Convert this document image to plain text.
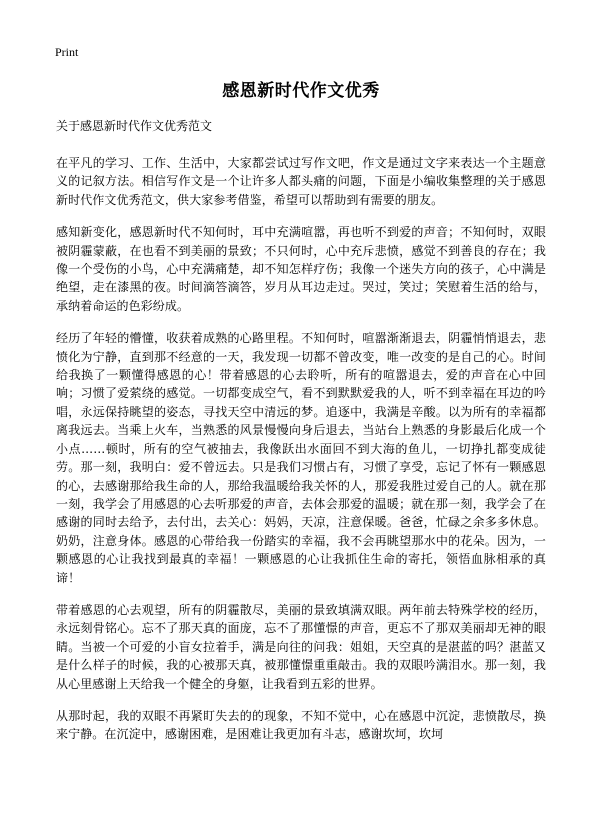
Print
感恩新时代作文优秀
关于感恩新时代作文优秀范文

在平凡的学习、工作、生活中，大家都尝试过写作文吧，作文是通过文字来表达一个主题意义的记叙方法。相信写作文是一个让许多人都头痛的问题，下面是小编收集整理的关于感恩新时代作文优秀范文，供大家参考借鉴，希望可以帮助到有需要的朋友。

感知新变化，感恩新时代不知何时，耳中充满喧嚣，再也听不到爱的声音；不知何时，双眼被阴霾蒙蔽，在也看不到美丽的景致；不只何时，心中充斥悲愤，感觉不到善良的存在；我像一个受伤的小鸟，心中充满痛楚，却不知怎样疗伤；我像一个迷失方向的孩子，心中满是绝望，走在漆黑的夜。时间滴答滴答，岁月从耳边走过。哭过，笑过；笑慰着生活的给与，承纳着命运的色彩纷成。

经历了年轻的懵懂，收获着成熟的心路里程。不知何时，喧嚣渐渐退去，阴霾悄悄退去，悲愤化为宁静，直到那不经意的一天，我发现一切都不曾改变，唯一改变的是自己的心。时间给我换了一颗懂得感恩的心！带着感恩的心去聆听，所有的喧嚣退去，爱的声音在心中回响；习惯了爱萦绕的感觉。一切都变成空气，看不到默默爱我的人，听不到幸福在耳边的吟唱，永远保持眺望的姿态，寻找天空中清远的梦。追逐中，我满是辛酸。以为所有的幸福都离我远去。当乘上火车，当熟悉的风景慢慢向身后退去，当站台上熟悉的身影最后化成一个小点……顿时，所有的空气被抽去，我像跃出水面回不到大海的鱼儿，一切挣扎都变成徒劳。那一刻，我明白：爱不曾远去。只是我们习惯占有，习惯了享受，忘记了怀有一颗感恩的心，去感谢那给我生命的人，那给我温暖给我关怀的人，那爱我胜过爱自己的人。就在那一刻，我学会了用感恩的心去听那爱的声音，去体会那爱的温暖；就在那一刻，我学会了在感谢的同时去给予，去付出，去关心：妈妈，天凉，注意保暖。爸爸，忙碌之余多多休息。奶奶，注意身体。感恩的心带给我一份踏实的幸福，我不会再眺望那水中的花朵。因为，一颗感恩的心让我找到最真的幸福！一颗感恩的心让我抓住生命的寄托，领悟血脉相承的真谛！

带着感恩的心去观望，所有的阴霾散尽，美丽的景致填满双眼。两年前去特殊学校的经历，永远刻骨铭心。忘不了那天真的面庞，忘不了那懂憬的声音，更忘不了那双美丽却无神的眼睛。当被一个可爱的小盲女拉着手，满是向往的问我：姐姐，天空真的是湛蓝的吗？湛蓝又是什么样子的时候，我的心被那天真，被那懂憬重重敲击。我的双眼吟满泪水。那一刻，我从心里感谢上天给我一个健全的身躯，让我看到五彩的世界。

从那时起，我的双眼不再紧盯失去的的现象，不知不觉中，心在感恩中沉淀，悲愤散尽，换来宁静。在沉淀中，感谢困难，是困难让我更加有斗志，感谢坎坷，坎坷
